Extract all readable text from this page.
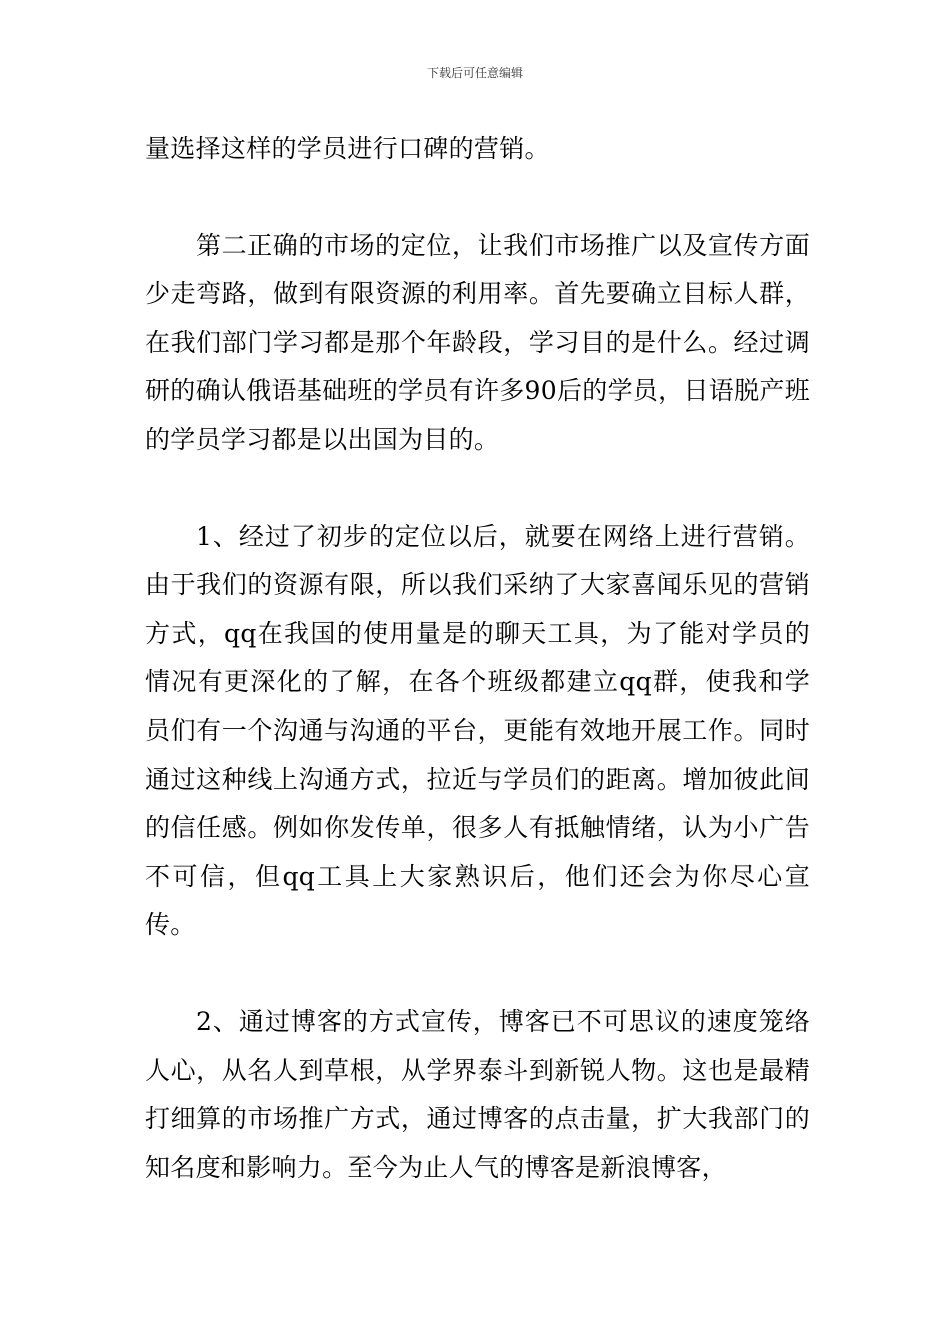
下载后可任意编辑

量选择这样的学员进行口碑的营销。

第二正确的市场的定位，让我们市场推广以及宣传方面少走弯路，做到有限资源的利用率。首先要确立目标人群，在我们部门学习都是那个年龄段，学习目的是什么。经过调研的确认俄语基础班的学员有许多90后的学员，日语脱产班的学员学习都是以出国为目的。

1、经过了初步的定位以后，就要在网络上进行营销。由于我们的资源有限，所以我们采纳了大家喜闻乐见的营销方式，qq在我国的使用量是的聊天工具，为了能对学员的情况有更深化的了解，在各个班级都建立qq群，使我和学员们有一个沟通与沟通的平台，更能有效地开展工作。同时通过这种线上沟通方式，拉近与学员们的距离。增加彼此间的信任感。例如你发传单，很多人有抵触情绪，认为小广告不可信，但qq工具上大家熟识后，他们还会为你尽心宣传。

2、通过博客的方式宣传，博客已不可思议的速度笼络人心，从名人到草根，从学界泰斗到新锐人物。这也是最精打细算的市场推广方式，通过博客的点击量，扩大我部门的知名度和影响力。至今为止人气的博客是新浪博客，
